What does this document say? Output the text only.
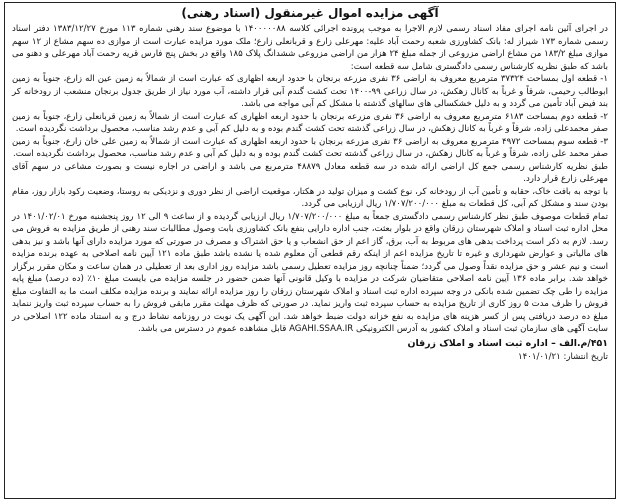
آگهی مزایده اموال غیرمنقول (اسناد رهنی)

در اجرای آئین نامه اجرای مفاد اسناد رسمی لازم الاجرا به موجب پرونده اجرائی کلاسه ۱۴۰۰۰۰۰۸۸ با موضوع سند رهنی شماره ۱۱۳ مورخ ۱۳۸۳/۱۲/۲۷ دفتر اسناد رسمی شماره ۱۷۳ شیراز له: بانک کشاورزی شعبه رحمت آباد علیه: مهرعلی زارع و قربانعلی زارع؛ ملک مورد مزایده عبارت است از موازی ده سهم مشاع از ۱۲ سهم موازی مبلغ ۱۸۳/۲ من مشاع اراضی مزروعی از جمله مبلغ ۲۴ هزار من اراضی مزروعی ششدانگ پلاک ۱۸۵ واقع در بخش پنج فارس قریه رحمت آباد مهرعلی و دهنو می باشد که طبق نظریه کارشناس رسمی دادگستری شامل سه قطعه است:

۱- قطعه اول بمساحت ۳۷۳۲۴ مترمربع معروف به اراضی ۳۶ نفری مزرعه برنجان با حدود اربعه اظهاری که عبارت است از شمالاً به زمین عین اله زارع، جنوباً به زمین ابوطالب رحیمی، شرقاً و غرباً به کانال زهکش، در سال زراعی ۹۹-۱۴۰۰ تحت کشت گندم آبی قرار داشته، آب مورد نیاز از طریق جدول برنجان منشعب از رودخانه کر بند فیض آباد تأمین می گردد و به دلیل خشکسالی های سالهای گذشته با مشکل کم آبی مواجه می باشد.

۲- قطعه دوم بمساحت ۶۱۸۳ مترمربع معروف به اراضی ۳۶ نفری مزرعه برنجان با حدود اربعه اظهاری که عبارت است از شمالاً به زمین قربانعلی زارع، جنوباً به زمین صفر محمدعلی زاده، شرقاً و غرباً به کانال زهکش، در سال زراعی گذشته تحت کشت گندم بوده و به دلیل کم آبی و عدم رشد مناسب، محصول برداشت نگردیده است.

۳- قطعه سوم بمساحت ۴۹۷۲ مترمربع معروف به اراضی ۳۶ نفری مزرعه برنجان با حدود اربعه اظهاری که عبارت است از شمالاً به زمین علی خان زارع، جنوباً به زمین صفر محمد علی زاده، شرقاً و غرباً به کانال زهکش، در سال زراعی گذشته تحت کشت گندم بوده و به دلیل کم آبی و عدم رشد مناسب، محصول برداشت نگردیده است.

طبق نظریه کارشناس رسمی جمع کل اراضی ارائه شده در سه قطعه معادل ۴۸۸۷۹ مترمربع می باشد و اراضی در اجاره نیست و بصورت مشاعی در سهم آقای مهرعلی زارع قرار دارد.

با توجه به بافت خاک، حقابه و تأمین آب از رودخانه کر، نوع کشت و میزان تولید در هکتار، موقعیت اراضی از نظر دوری و نزدیکی به روستا، وضعیت رکود بازار روز، مقام بودن سند و مشکل کم آبی، کل قطعات به مبلغ ۱/۷۰۷/۲۰۰/۰۰۰ ریال ارزیابی می گردد.

تمام قطعات موصوف طبق نظر کارشناس رسمی دادگستری جمعاً به مبلغ ۱/۷۰۷/۲۰۰/۰۰۰ ریال ارزیابی گردیده و از ساعت ۹ الی ۱۲ روز پنجشنبه مورخ ۱۴۰۱/۰۲/۰۱ در محل اداره ثبت اسناد و املاک شهرستان زرقان واقع در بلوار بعثت، جنب اداره دارایی بنفع بانک کشاورزی بابت وصول مطالبات سند رهنی از طریق مزایده به فروش می رسد. لازم به ذکر است پرداخت بدهی های مربوط به آب، برق، گاز اعم از حق انشعاب و یا حق اشتراک و مصرف در صورتی که مورد مزایده دارای آنها باشد و نیز بدهی های مالیاتی و عوارض شهرداری و غیره تا تاریخ مزایده اعم از اینکه رقم قطعی آن معلوم شده یا نشده باشد طبق ماده ۱۲۱ آیین نامه اصلاحی به عهده برنده مزایده است و نیم عشر و حق مزایده نقداً وصول می گردد؛ ضمناً چنانچه روز مزایده تعطیل رسمی باشد مزایده روز اداری بعد از تعطیلی در همان ساعت و مکان مقرر برگزار خواهد شد. برابر ماده ۱۳۶ آیین نامه اصلاحی متقاضیان شرکت در مزایده با وکیل قانونی آنها ضمن حضور در جلسه مزایده می بایست مبلغ ۱۰٪ (ده درصد) مبلغ پایه مزایده را طی چک تضمین شده بانکی در وجه سپرده اداره ثبت اسناد و املاک شهرستان زرقان را روز مزایده ارائه نمایند و برنده مزایده مکلف است ما به التفاوت مبلغ فروش را ظرف مدت ۵ روز کاری از تاریخ مزایده به حساب سپرده ثبت واریز نماید. در صورتی که ظرف مهلت مقرر مابقی فروش را به حساب سپرده ثبت واریز ننماید مبلغ ده درصد دریافتی پس از کسر هزینه های مزایده به نفع خزانه دولت ضبط خواهد شد. این آگهی یک نوبت در روزنامه نشاط درج و به استناد ماده ۱۲۲ اصلاحی در سایت آگهی های سازمان ثبت اسناد و املاک کشور به آدرس الکترونیکی AGAHI.SSAA.IR قابل مشاهده عموم در دسترس می باشد.

۴۵۱/م.الف – اداره ثبت اسناد و املاک زرقان
تاریخ انتشار: ۱۴۰۱/۰۱/۲۱
